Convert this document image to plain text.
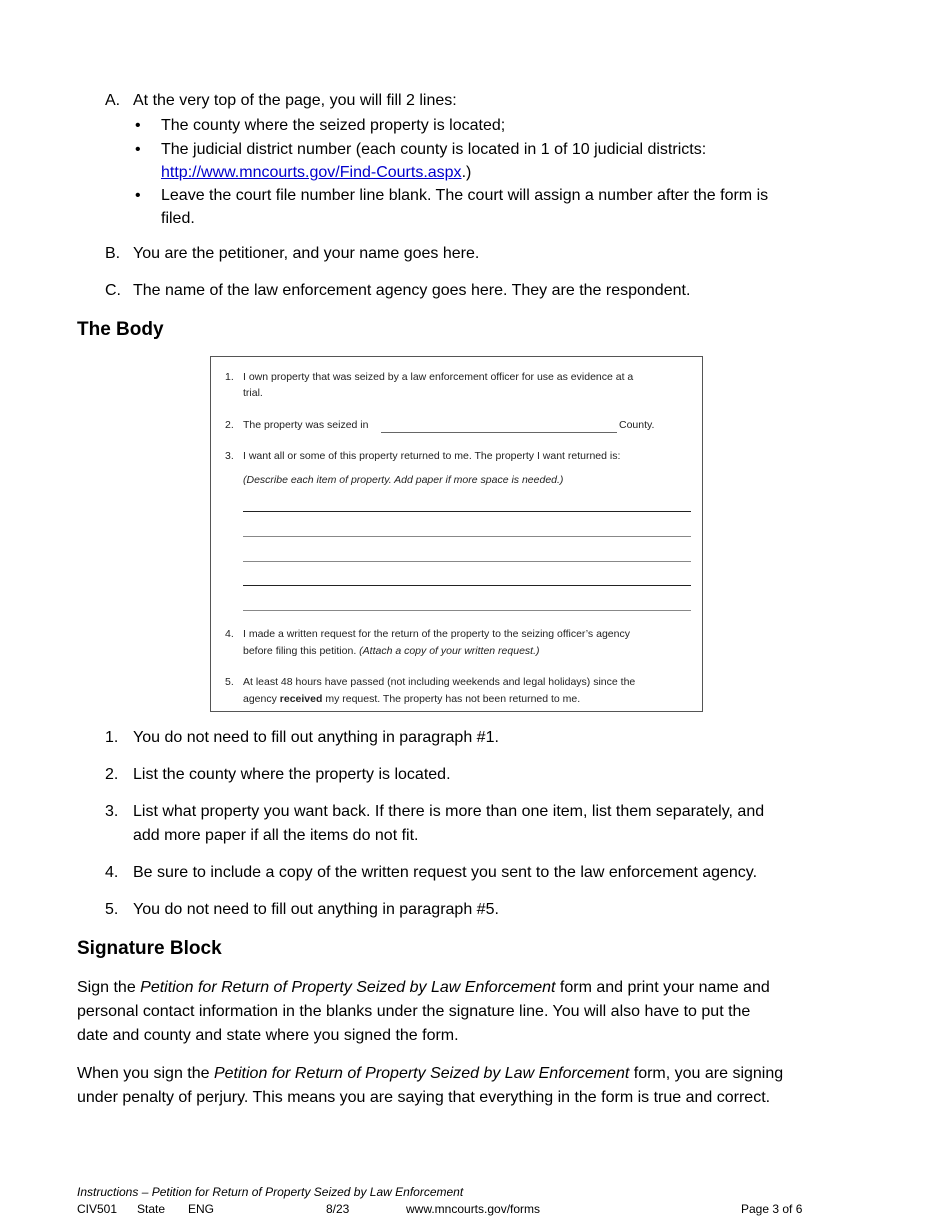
A. At the very top of the page, you will fill 2 lines:
• The county where the seized property is located;
• The judicial district number (each county is located in 1 of 10 judicial districts:
http://www.mncourts.gov/Find-Courts.aspx.)
• Leave the court file number line blank. The court will assign a number after the form is
filed.
B. You are the petitioner, and your name goes here.
C. The name of the law enforcement agency goes here. They are the respondent.
The Body
1. I own property that was seized by a law enforcement officer for use as evidence at a
trial.
2. The property was seized in	County.
3. I want all or some of this property returned to me. The property I want returned is:
(Describe each item of property. Add paper if more space is needed.)
4. I made a written request for the return of the property to the seizing officer’s agency
before filing this petition. (Attach a copy of your written request.)
5. At least 48 hours have passed (not including weekends and legal holidays) since the
agency received my request. The property has not been returned to me.
1. You do not need to fill out anything in paragraph #1.
2. List the county where the property is located.
3. List what property you want back. If there is more than one item, list them separately, and
add more paper if all the items do not fit.
4. Be sure to include a copy of the written request you sent to the law enforcement agency.
5. You do not need to fill out anything in paragraph #5.
Signature Block
Sign the Petition for Return of Property Seized by Law Enforcement form and print your name and
personal contact information in the blanks under the signature line. You will also have to put the
date and county and state where you signed the form.
When you sign the Petition for Return of Property Seized by Law Enforcement form, you are signing
under penalty of perjury. This means you are saying that everything in the form is true and correct.
Instructions – Petition for Return of Property Seized by Law Enforcement
CIV501 State ENG	8/23	www.mncourts.gov/forms	Page 3 of 6
